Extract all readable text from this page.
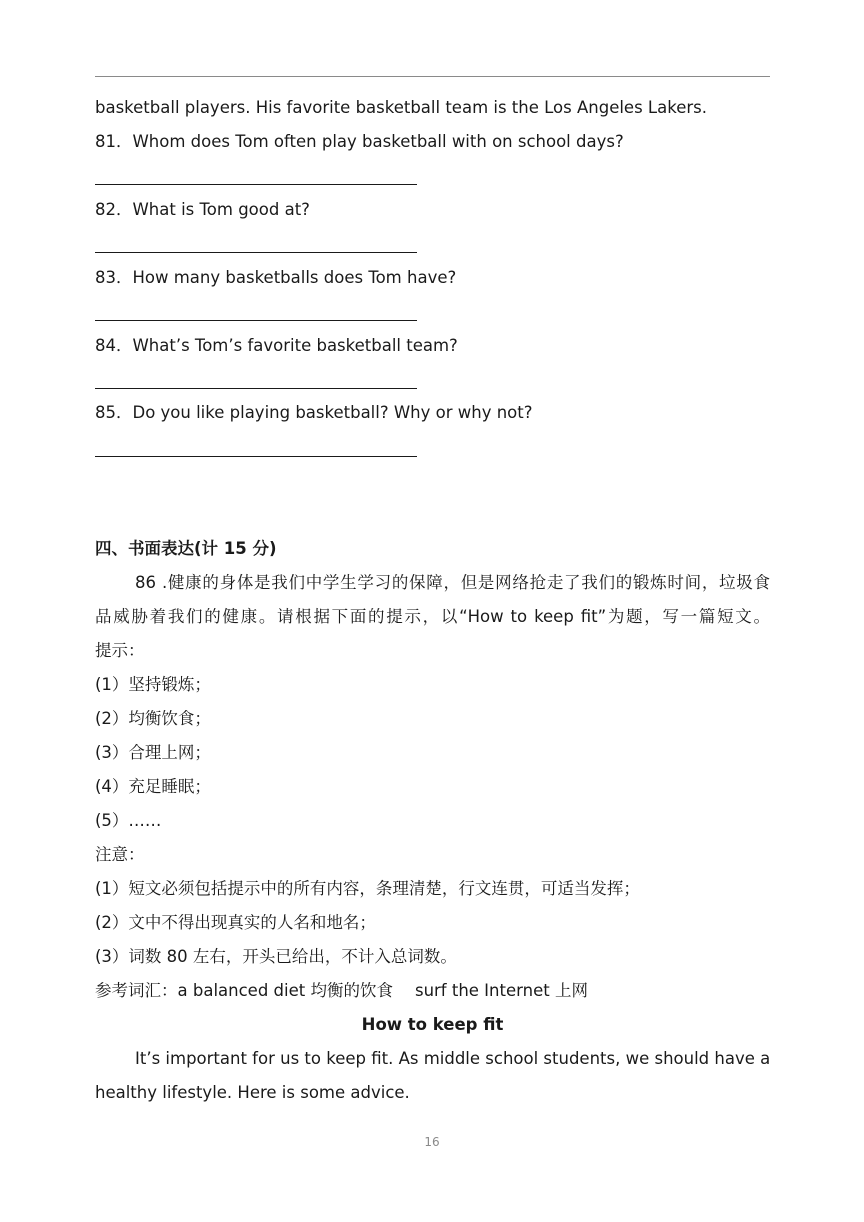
basketball players. His favorite basketball team is the Los Angeles Lakers.
81．Whom does Tom often play basketball with on school days?
82．What is Tom good at?
83．How many basketballs does Tom have?
84．What’s Tom’s favorite basketball team?
85．Do you like playing basketball? Why or why not?
四、书面表达(计 15 分)
86 .健康的身体是我们中学生学习的保障，但是网络抢走了我们的锻炼时间，垃圾食
品威胁着我们的健康。请根据下面的提示，以“How to keep fit”为题，写一篇短文。
提示：
(1）坚持锻炼；
(2）均衡饮食；
(3）合理上网；
(4）充足睡眠；
(5）……
注意：
(1）短文必须包括提示中的所有内容，条理清楚，行文连贯，可适当发挥；
(2）文中不得出现真实的人名和地名；
(3）词数 80 左右，开头已给出，不计入总词数。
参考词汇：a balanced diet 均衡的饮食 surf the Internet 上网
How to keep fit
It’s important for us to keep fit. As middle school students, we should have a
healthy lifestyle. Here is some advice.
16
